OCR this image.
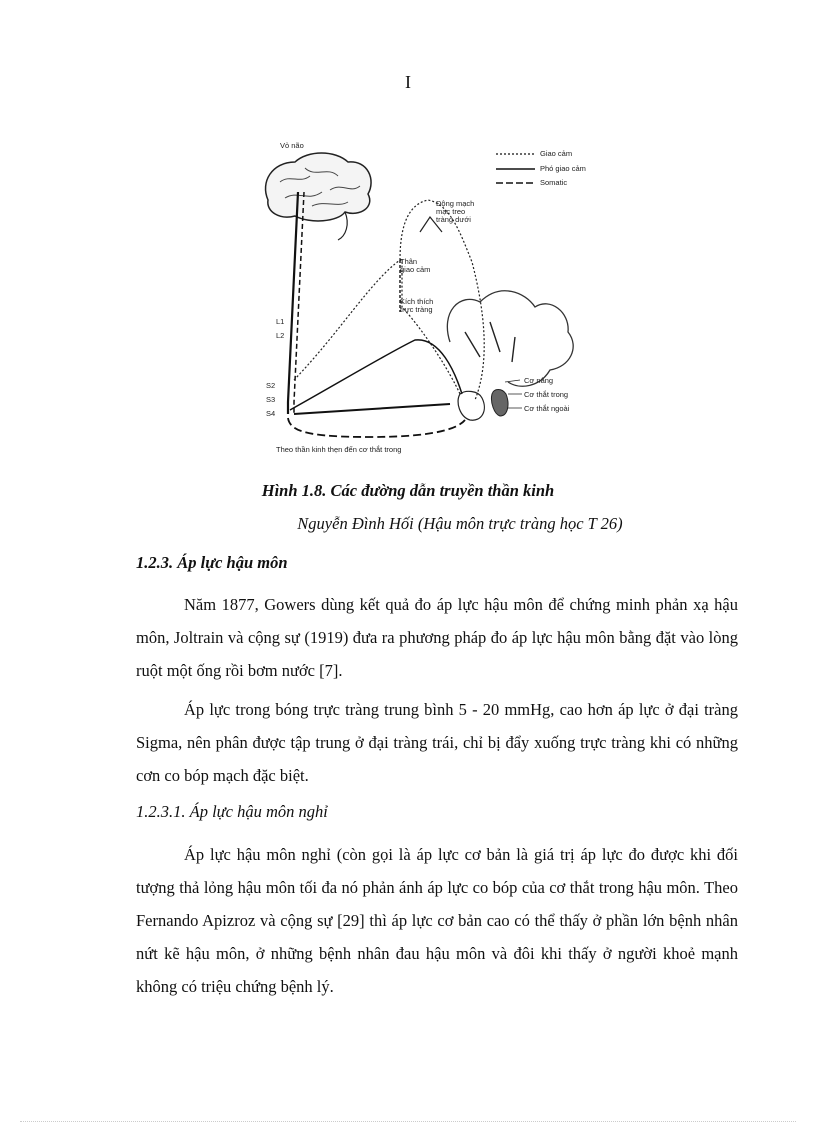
I
Vỏ não
Giao cảm
Phó giao cảm
Somatic
Động mạch
mạc treo
tràng dưới
Thân
giao cảm
Kích thích
trực tràng
L1
L2
S2
S3
S4
Cơ nâng
Cơ thắt trong
Cơ thắt ngoài
Theo thần kinh thẹn đến cơ thắt trong
Hình 1.8. Các đường dẫn truyền thần kinh
Nguyễn Đình Hối (Hậu môn trực tràng học T 26)
1.2.3. Áp lực hậu môn

Năm 1877, Gowers dùng kết quả đo áp lực hậu môn để chứng minh phản xạ hậu môn, Joltrain và cộng sự (1919) đưa ra phương pháp đo áp lực hậu môn bằng đặt vào lòng ruột một ống rồi bơm nước [7].

Áp lực trong bóng trực tràng trung bình 5 - 20 mmHg, cao hơn áp lực ở đại tràng Sigma, nên phân được tập trung ở đại tràng trái, chỉ bị đẩy xuống trực tràng khi có những cơn co bóp mạch đặc biệt.

1.2.3.1. Áp lực hậu môn nghỉ

Áp lực hậu môn nghỉ (còn gọi là áp lực cơ bản là giá trị áp lực đo được khi đối tượng thả lỏng hậu môn tối đa nó phản ánh áp lực co bóp của cơ thắt trong hậu môn. Theo Fernando Apizroz và cộng sự [29] thì áp lực cơ bản cao có thể thấy ở phần lớn bệnh nhân nứt kẽ hậu môn, ở những bệnh nhân đau hậu môn và đôi khi thấy ở người khoẻ mạnh không có triệu chứng bệnh lý.
